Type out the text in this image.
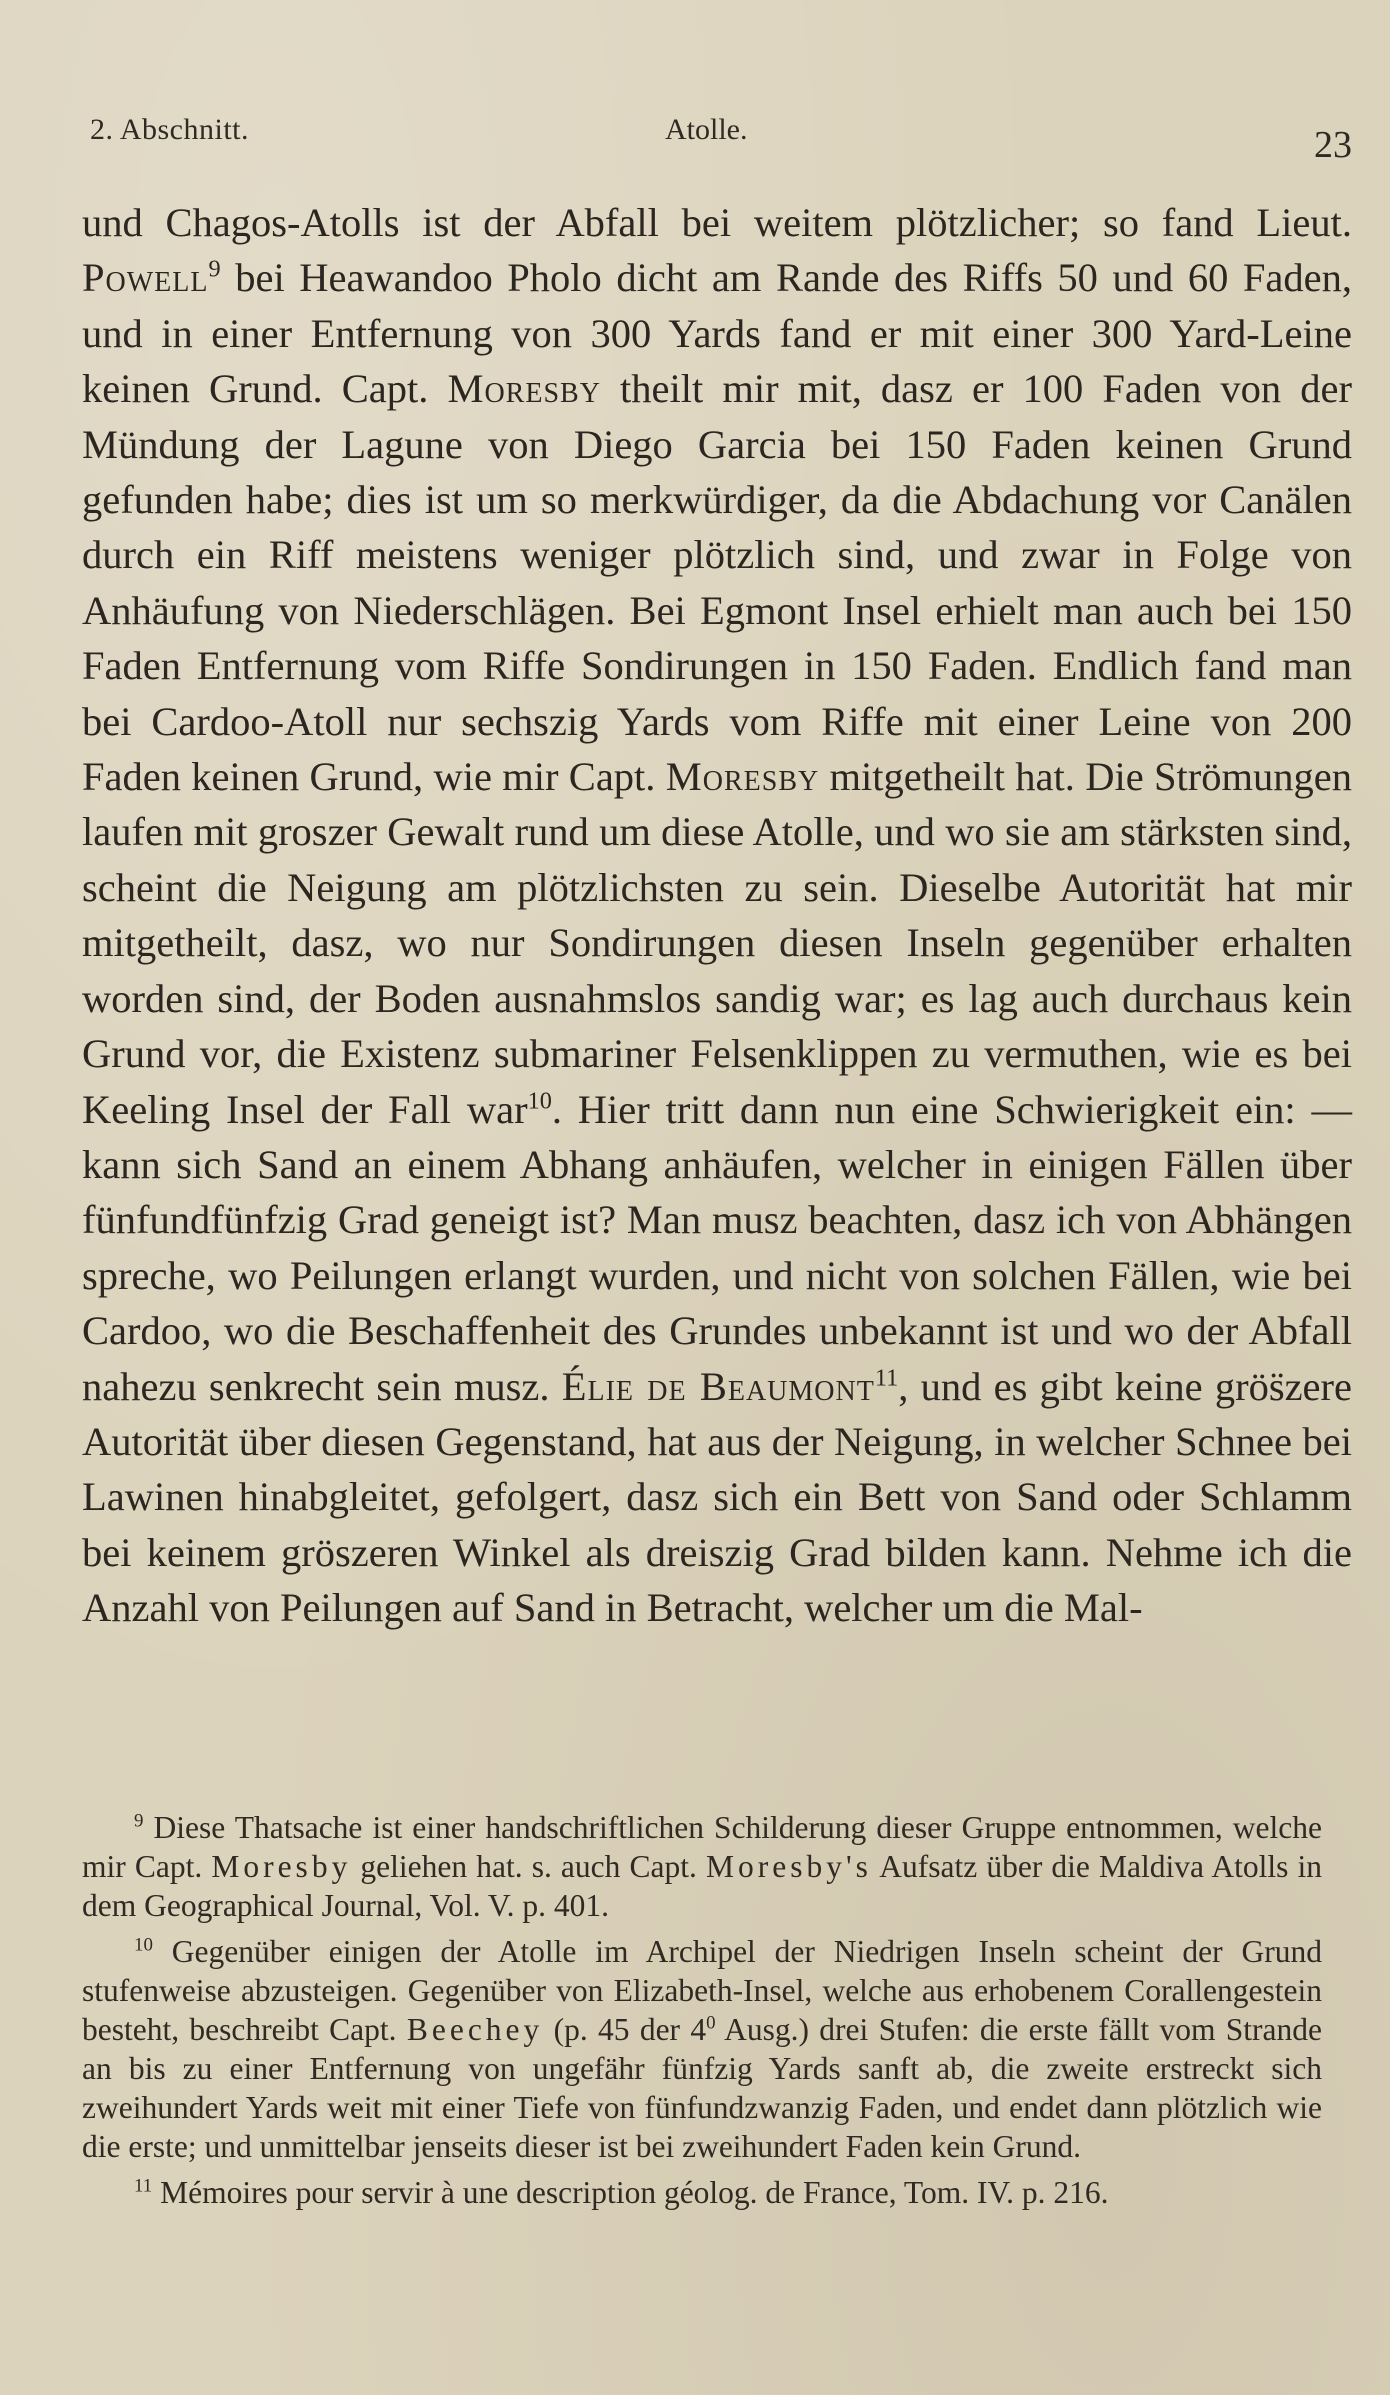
2. Abschnitt.	Atolle.	23

und Chagos-Atolls ist der Abfall bei weitem plötzlicher; so fand Lieut. Powell$^9$ bei Heawandoo Pholo dicht am Rande des Riffs 50 und 60 Faden, und in einer Entfernung von 300 Yards fand er mit einer 300 Yard-Leine keinen Grund. Capt. Moresby theilt mir mit, dasz er 100 Faden von der Mündung der Lagune von Diego Garcia bei 150 Faden keinen Grund gefunden habe; dies ist um so merkwürdiger, da die Abdachung vor Canälen durch ein Riff meistens weniger plötzlich sind, und zwar in Folge von Anhäufung von Niederschlägen. Bei Egmont Insel erhielt man auch bei 150 Faden Entfernung vom Riffe Sondirungen in 150 Faden. Endlich fand man bei Cardoo-Atoll nur sechszig Yards vom Riffe mit einer Leine von 200 Faden keinen Grund, wie mir Capt. Moresby mitgetheilt hat. Die Strömungen laufen mit groszer Gewalt rund um diese Atolle, und wo sie am stärksten sind, scheint die Neigung am plötzlichsten zu sein. Dieselbe Autorität hat mir mitgetheilt, dasz, wo nur Sondirungen diesen Inseln gegenüber erhalten worden sind, der Boden ausnahmslos sandig war; es lag auch durchaus kein Grund vor, die Existenz submariner Felsenklippen zu vermuthen, wie es bei Keeling Insel der Fall war$^{10}$. Hier tritt dann nun eine Schwierigkeit ein: — kann sich Sand an einem Abhang anhäufen, welcher in einigen Fällen über fünfundfünfzig Grad geneigt ist? Man musz beachten, dasz ich von Abhängen spreche, wo Peilungen erlangt wurden, und nicht von solchen Fällen, wie bei Cardoo, wo die Beschaffenheit des Grundes unbekannt ist und wo der Abfall nahezu senkrecht sein musz. Élie de Beaumont$^{11}$, und es gibt keine grös̈zere Autorität über diesen Gegenstand, hat aus der Neigung, in welcher Schnee bei Lawinen hinabgleitet, gefolgert, dasz sich ein Bett von Sand oder Schlamm bei keinem gröszeren Winkel als dreiszig Grad bilden kann. Nehme ich die Anzahl von Peilungen auf Sand in Betracht, welcher um die Mal-

$^9$ Diese Thatsache ist einer handschriftlichen Schilderung dieser Gruppe entnommen, welche mir Capt. Moresby geliehen hat. s. auch Capt. Moresby's Aufsatz über die Maldiva Atolls in dem Geographical Journal, Vol. V. p. 401.

$^{10}$ Gegenüber einigen der Atolle im Archipel der Niedrigen Inseln scheint der Grund stufenweise abzusteigen. Gegenüber von Elizabeth-Insel, welche aus erhobenem Corallengestein besteht, beschreibt Capt. Beechey (p. 45 der $4^0$ Ausg.) drei Stufen: die erste fällt vom Strande an bis zu einer Entfernung von ungefähr fünfzig Yards sanft ab, die zweite erstreckt sich zweihundert Yards weit mit einer Tiefe von fünfundzwanzig Faden, und endet dann plötzlich wie die erste; und unmittelbar jenseits dieser ist bei zweihundert Faden kein Grund.

$^{11}$ Mémoires pour servir à une description géolog. de France, Tom. IV. p. 216.
